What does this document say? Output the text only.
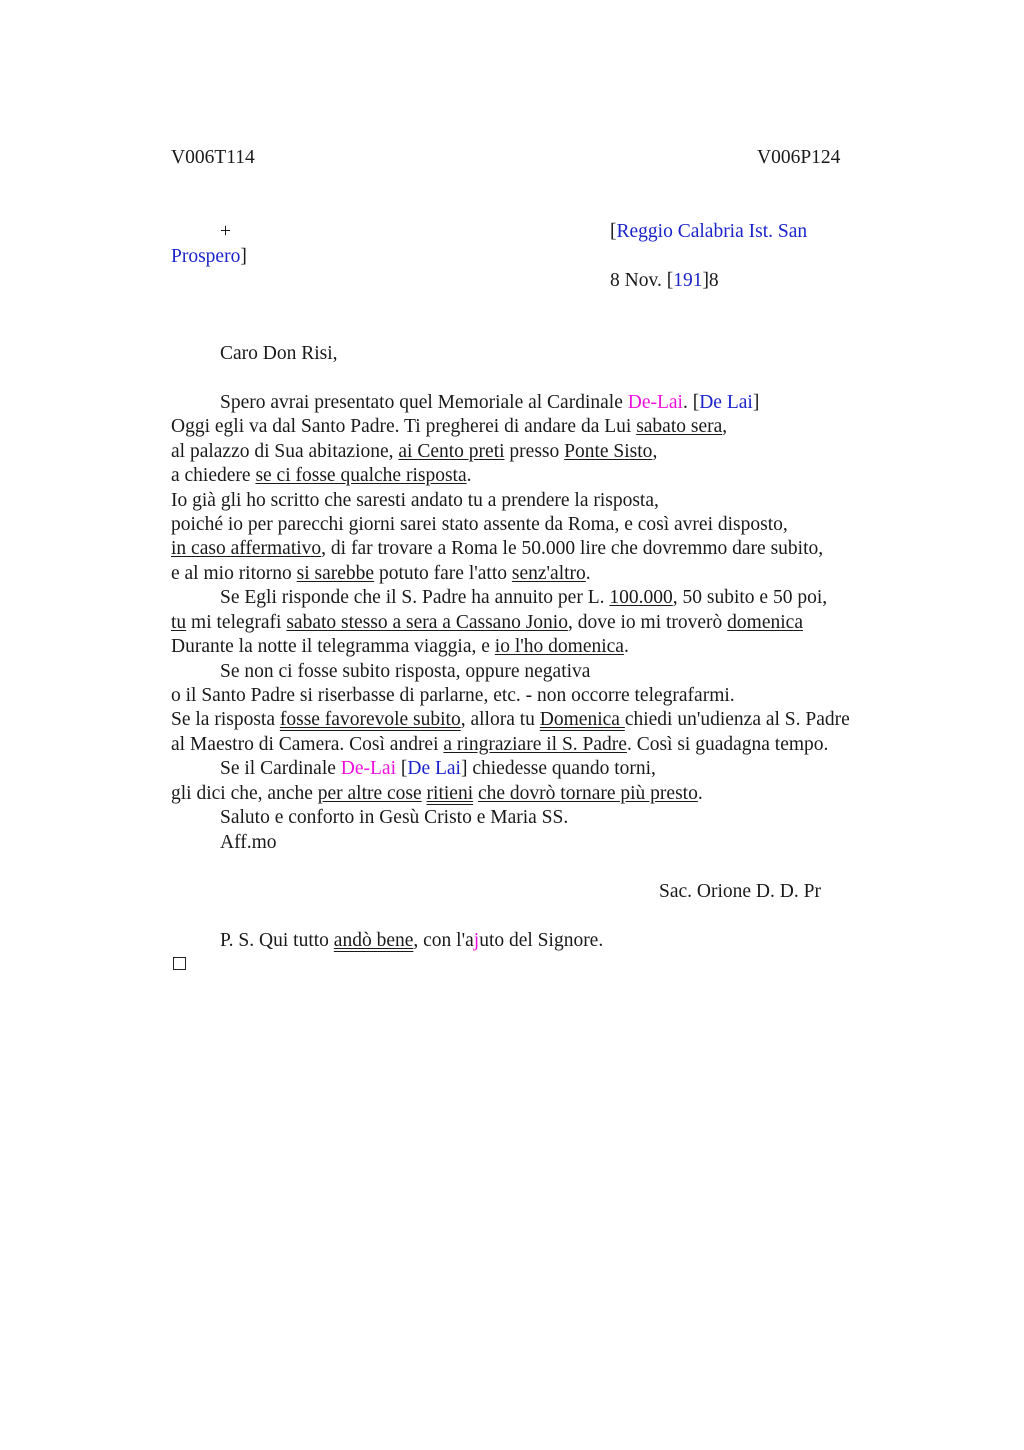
V006T114	V006P124
+	[Reggio Calabria Ist. San
Prospero]
8 Nov. [191]8
Caro Don Risi,
Spero avrai presentato quel Memoriale al Cardinale De-Lai. [De Lai]
Oggi egli va dal Santo Padre. Ti pregherei di andare da Lui sabato sera,
al palazzo di Sua abitazione, ai Cento preti presso Ponte Sisto,
a chiedere se ci fosse qualche risposta.
Io già gli ho scritto che saresti andato tu a prendere la risposta,
poiché io per parecchi giorni sarei stato assente da Roma, e così avrei disposto,
in caso affermativo, di far trovare a Roma le 50.000 lire che dovremmo dare subito,
e al mio ritorno si sarebbe potuto fare l'atto senz'altro.
Se Egli risponde che il S. Padre ha annuito per L. 100.000, 50 subito e 50 poi,
tu mi telegrafi sabato stesso a sera a Cassano Jonio, dove io mi troverò domenica
Durante la notte il telegramma viaggia, e io l'ho domenica.
Se non ci fosse subito risposta, oppure negativa
o il Santo Padre si riserbasse di parlarne, etc. - non occorre telegrafarmi.
Se la risposta fosse favorevole subito, allora tu Domenica chiedi un'udienza al S. Padre
al Maestro di Camera. Così andrei a ringraziare il S. Padre. Così si guadagna tempo.
Se il Cardinale De-Lai [De Lai] chiedesse quando torni,
gli dici che, anche per altre cose ritieni che dovrò tornare più presto.
Saluto e conforto in Gesù Cristo e Maria SS.
Aff.mo
Sac. Orione D. D. Pr
P. S. Qui tutto andò bene, con l'ajuto del Signore.
